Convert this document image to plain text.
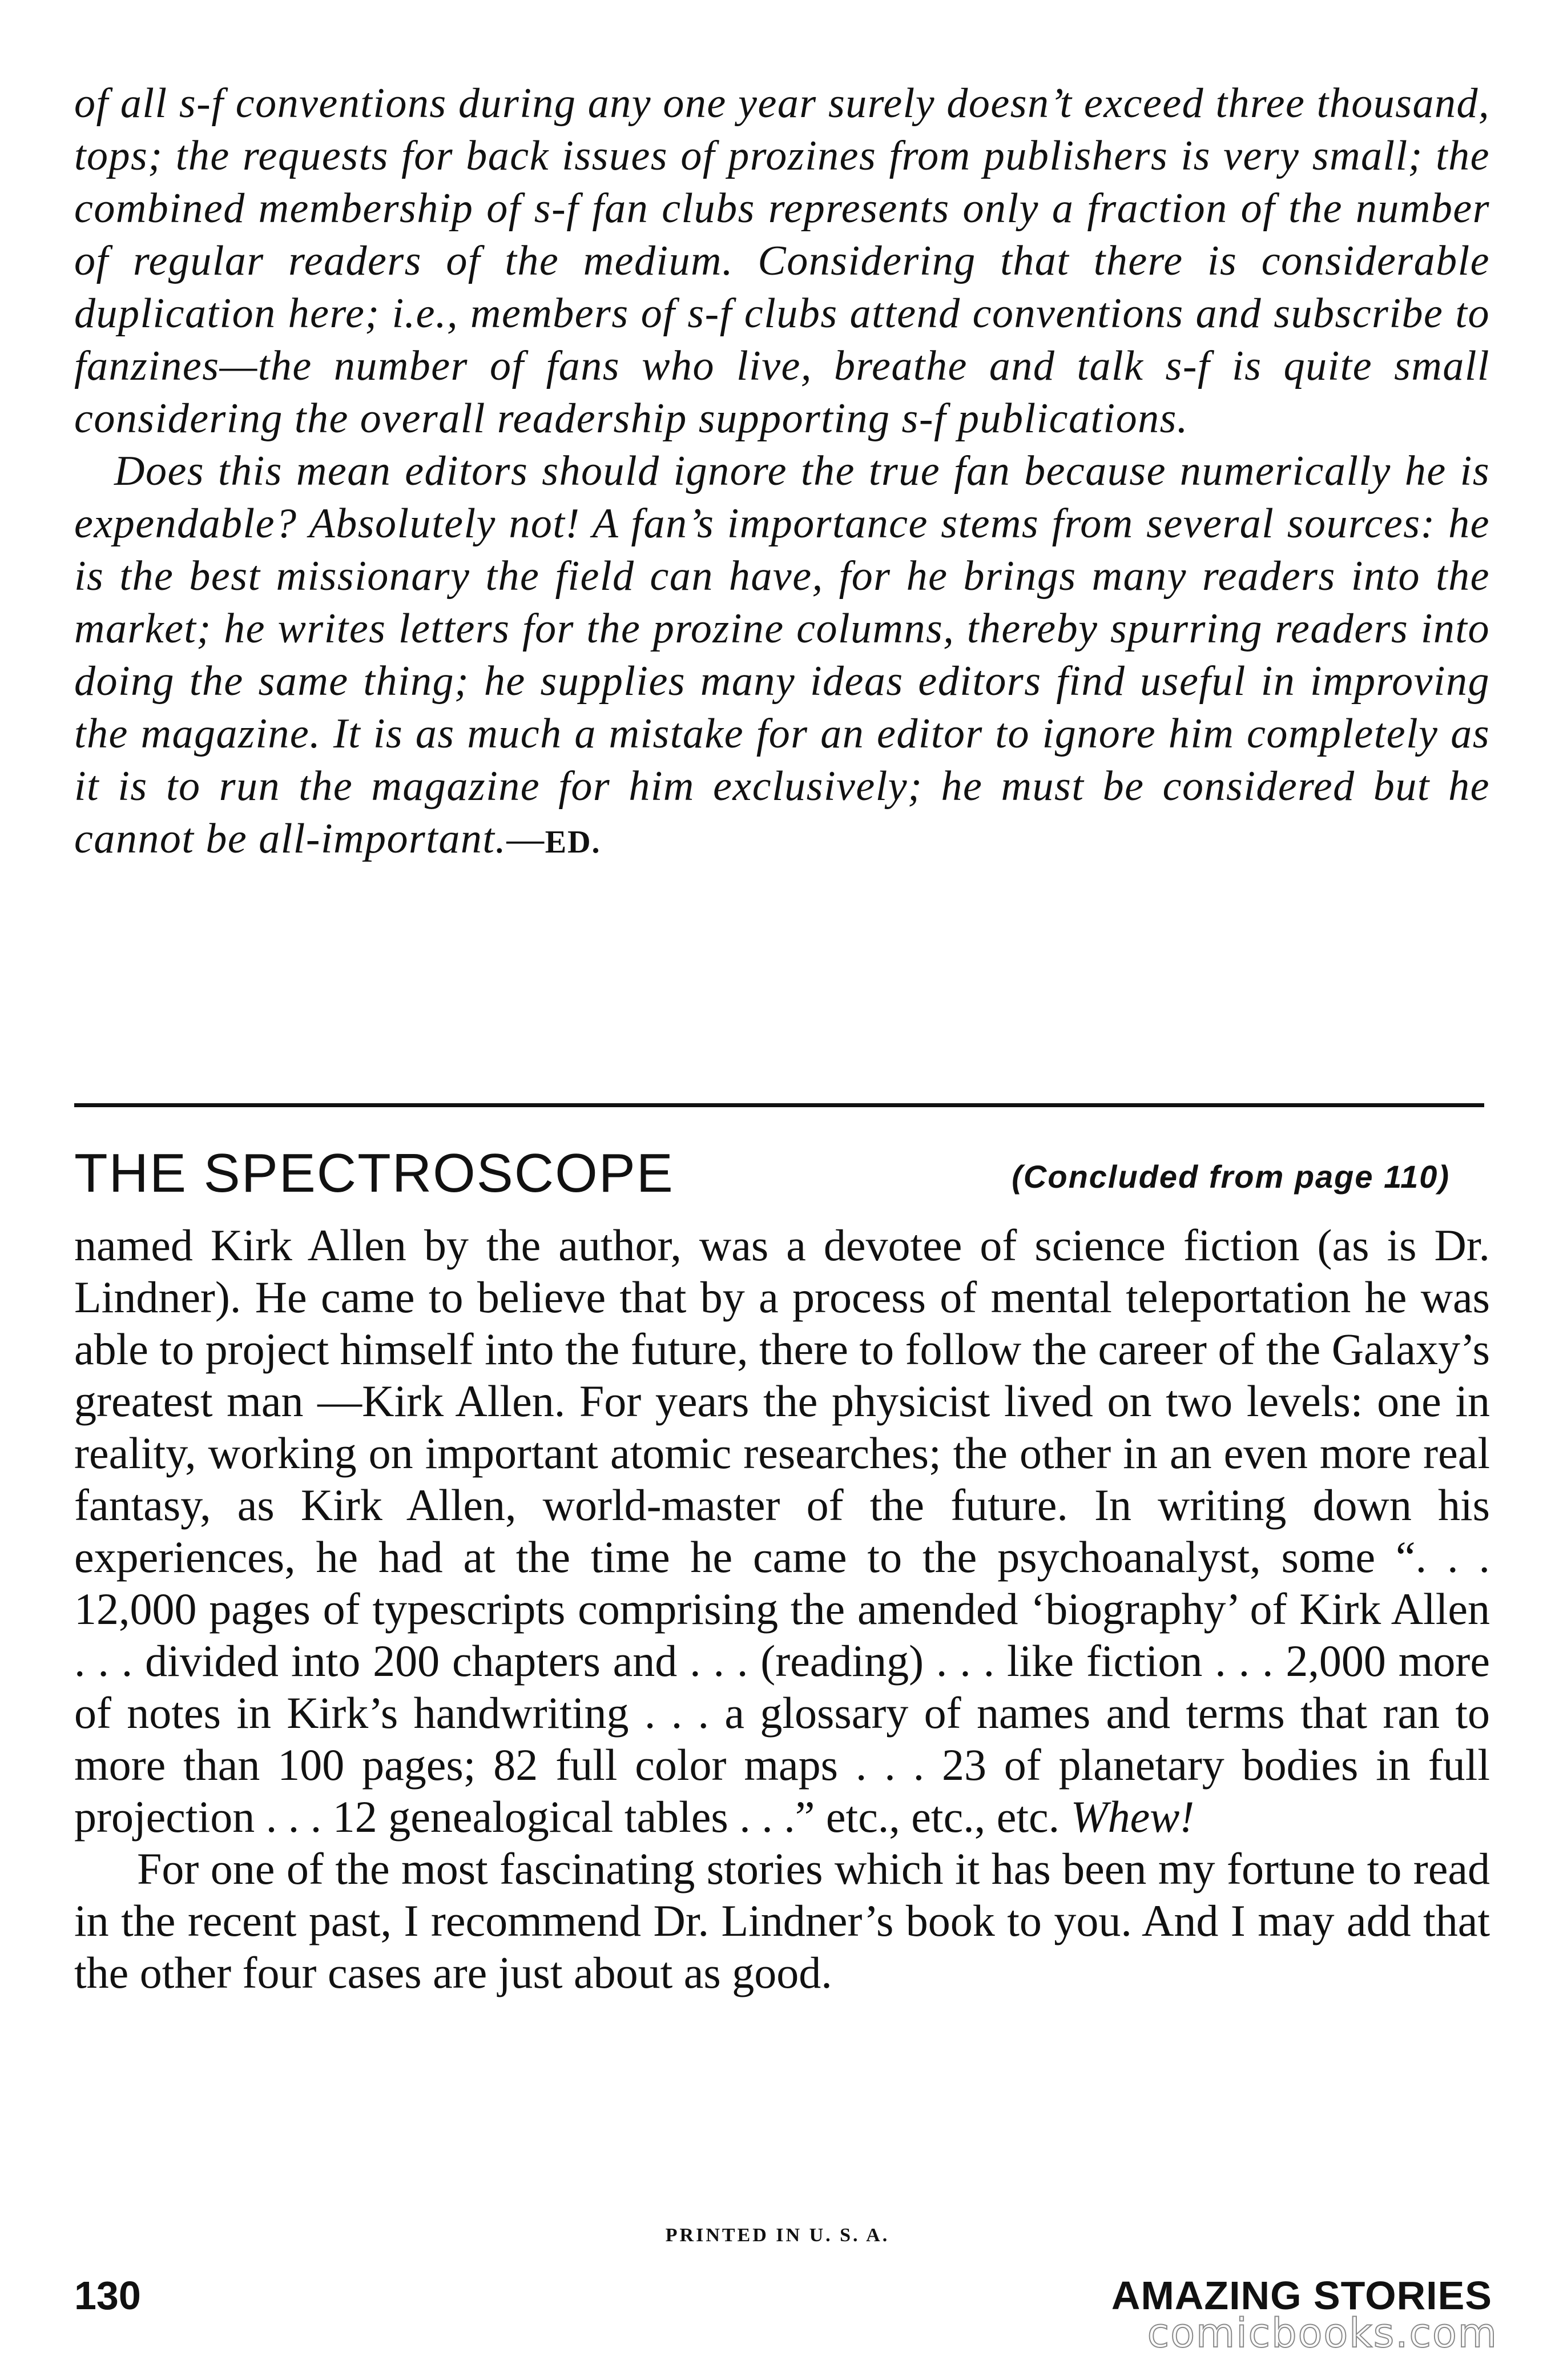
of all s-f conventions during any one year surely doesn’t exceed three thousand, tops; the requests for back issues of prozines from publishers is very small; the combined membership of s-f fan clubs represents only a fraction of the number of regular readers of the medium. Considering that there is considerable duplication here; i.e., members of s-f clubs attend conventions and subscribe to fanzines—the number of fans who live, breathe and talk s-f is quite small considering the overall readership supporting s-f publications.

Does this mean editors should ignore the true fan because numerically he is expendable? Absolutely not! A fan’s importance stems from several sources: he is the best missionary the field can have, for he brings many readers into the market; he writes letters for the prozine columns, thereby spurring readers into doing the same thing; he supplies many ideas editors find useful in improving the magazine. It is as much a mistake for an editor to ignore him completely as it is to run the magazine for him exclusively; he must be considered but he cannot be all-important.—ED.

THE SPECTROSCOPE	(Concluded from page 110)

named Kirk Allen by the author, was a devotee of science fiction (as is Dr. Lindner). He came to believe that by a process of mental teleportation he was able to project himself into the future, there to follow the career of the Galaxy’s greatest man —Kirk Allen. For years the physicist lived on two levels: one in reality, working on important atomic researches; the other in an even more real fantasy, as Kirk Allen, world-master of the future. In writing down his experiences, he had at the time he came to the psychoanalyst, some “. . . 12,000 pages of typescripts comprising the amended ‘biography’ of Kirk Allen . . . divided into 200 chapters and . . . (reading) . . . like fiction . . . 2,000 more of notes in Kirk’s handwriting . . . a glossary of names and terms that ran to more than 100 pages; 82 full color maps . . . 23 of planetary bodies in full projection . . . 12 genealogical tables . . .” etc., etc., etc. Whew!

For one of the most fascinating stories which it has been my fortune to read in the recent past, I recommend Dr. Lindner’s book to you. And I may add that the other four cases are just about as good.

PRINTED IN U. S. A.
130	AMAZING STORIES
comicbooks.com
